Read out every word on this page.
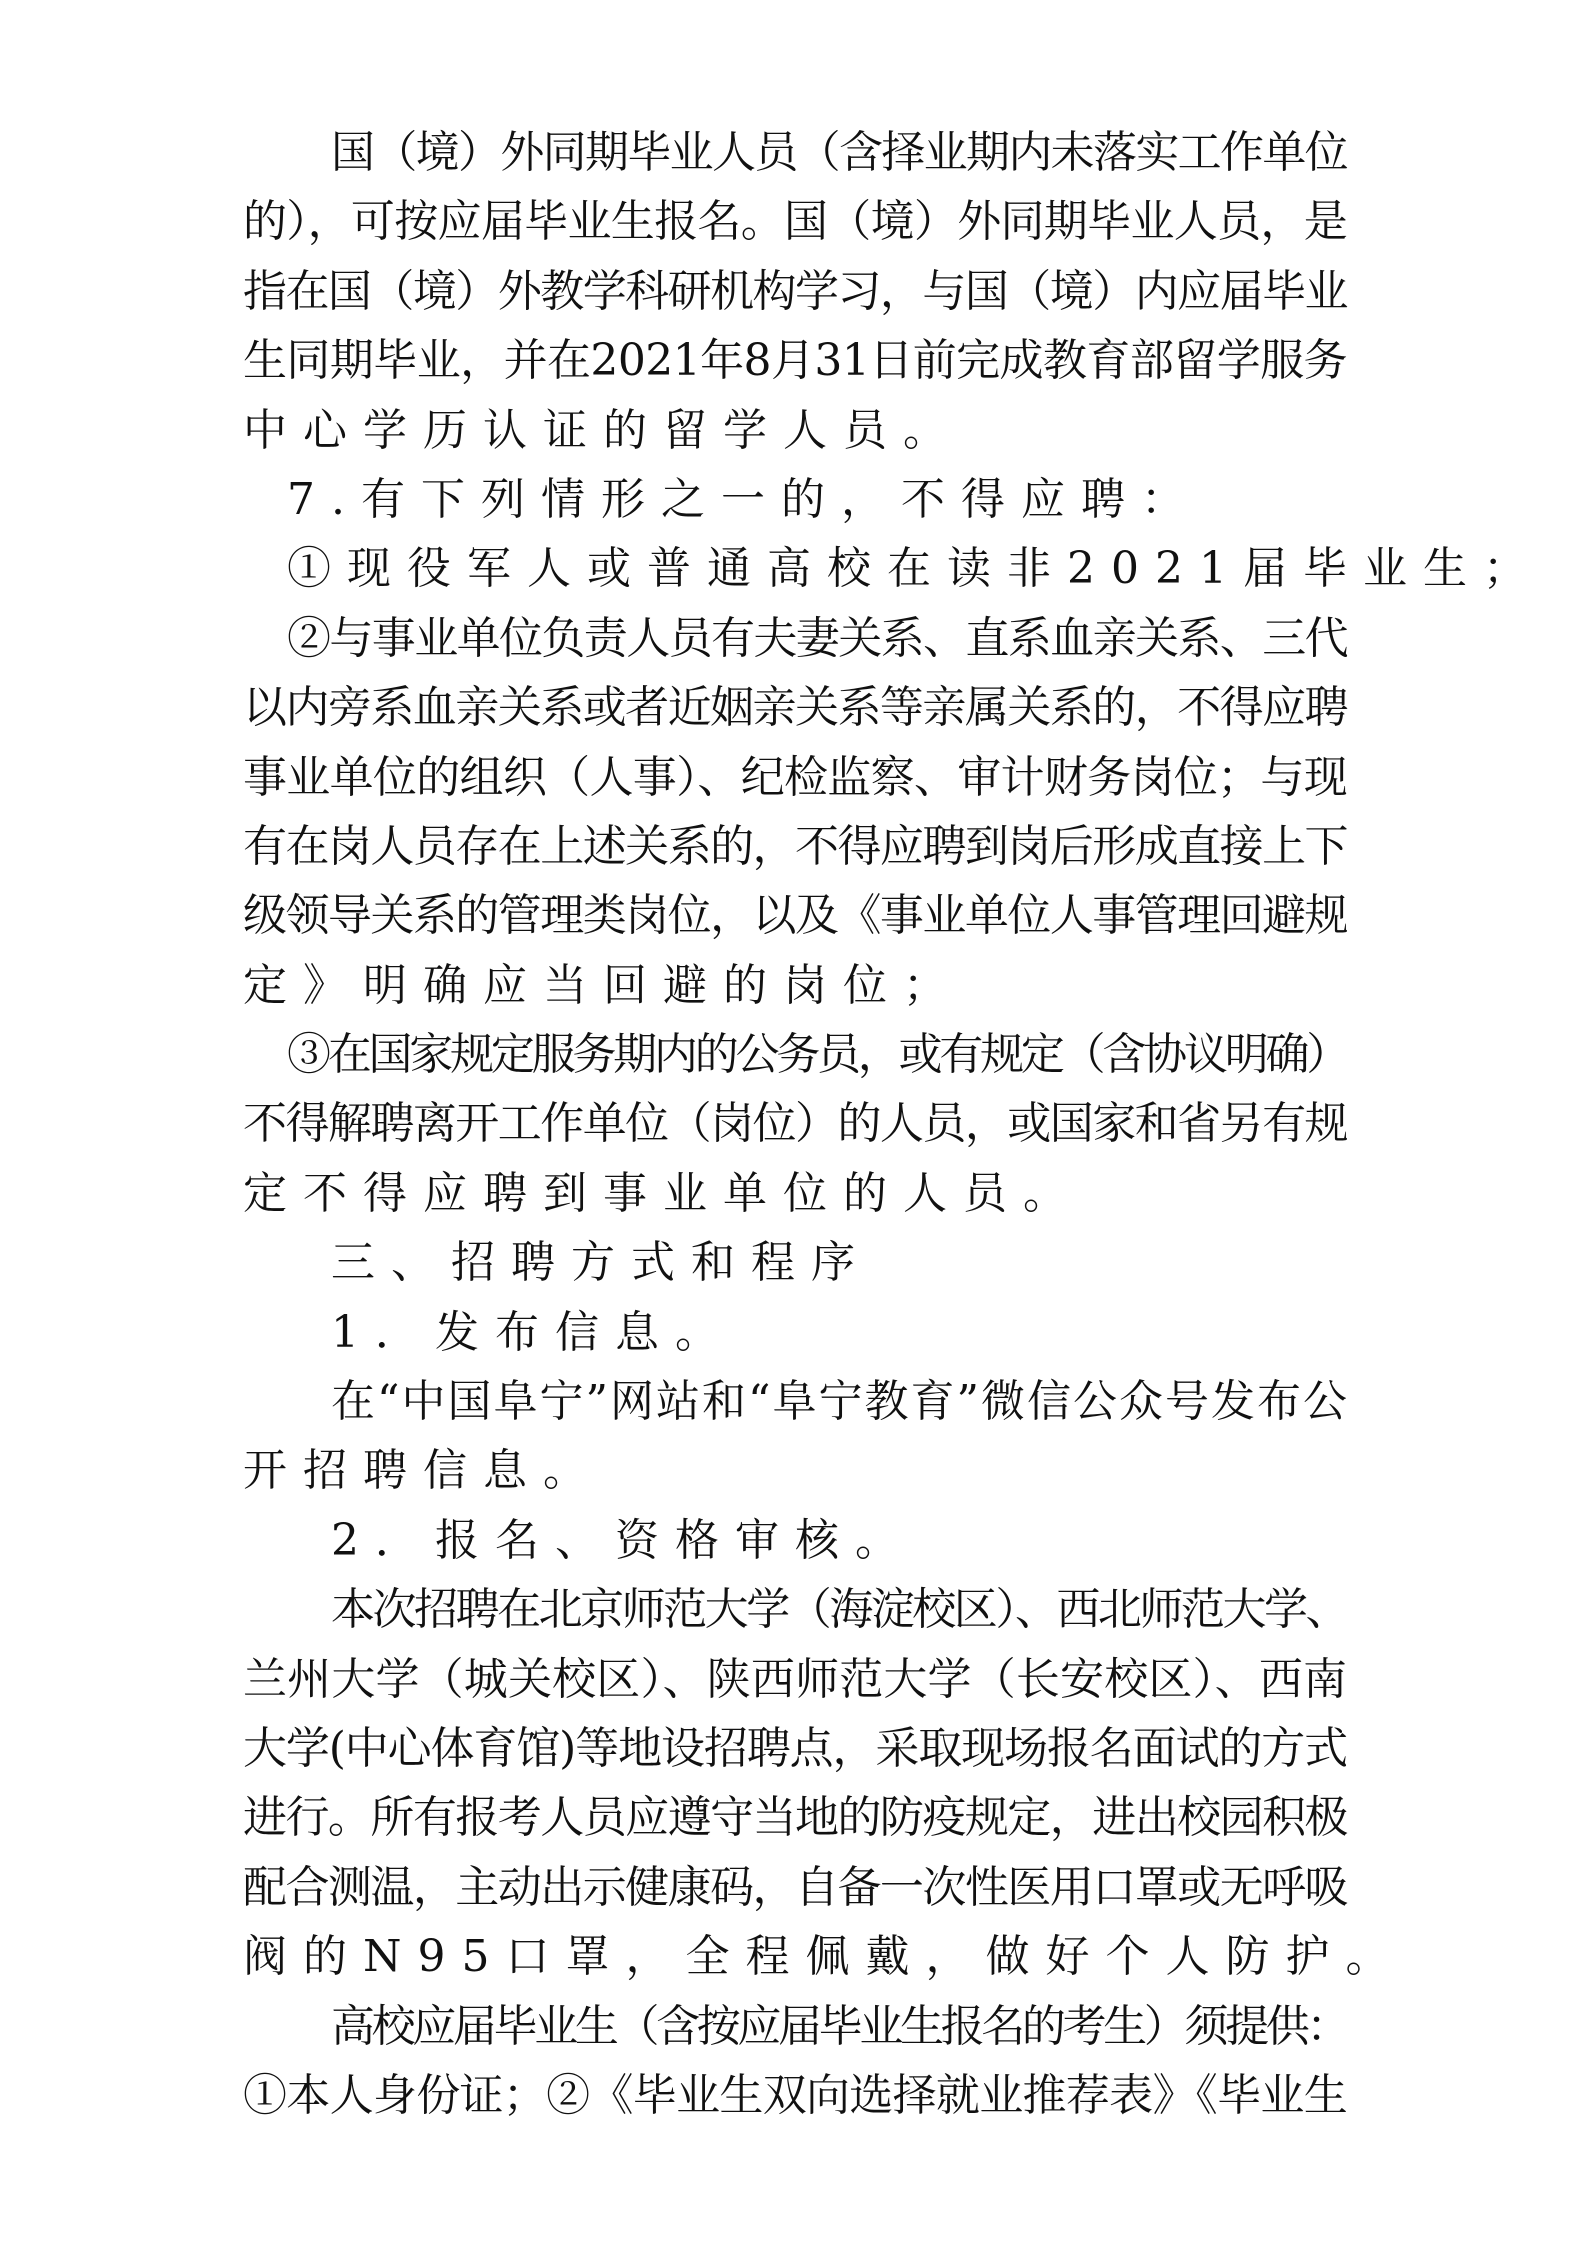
国（境）外同期毕业人员（含择业期内未落实工作单位
的），可按应届毕业生报名。国（境）外同期毕业人员，是
指在国（境）外教学科研机构学习，与国（境）内应届毕业
生同期毕业，并在2021年8月31日前完成教育部留学服务
中心学历认证的留学人员。
7.有下列情形之一的，不得应聘：
①现役军人或普通高校在读非2021届毕业生；
②与事业单位负责人员有夫妻关系、直系血亲关系、三代
以内旁系血亲关系或者近姻亲关系等亲属关系的，不得应聘
事业单位的组织（人事）、纪检监察、审计财务岗位；与现
有在岗人员存在上述关系的，不得应聘到岗后形成直接上下
级领导关系的管理类岗位，以及《事业单位人事管理回避规
定》明确应当回避的岗位；
③在国家规定服务期内的公务员，或有规定（含协议明确）
不得解聘离开工作单位（岗位）的人员，或国家和省另有规
定不得应聘到事业单位的人员。
三、招聘方式和程序
1．发布信息。
在“中国阜宁”网站和“阜宁教育”微信公众号发布公
开招聘信息。
2．报名、资格审核。
本次招聘在北京师范大学（海淀校区）、西北师范大学、
兰州大学（城关校区）、陕西师范大学（长安校区）、西南
大学(中心体育馆)等地设招聘点，采取现场报名面试的方式
进行。所有报考人员应遵守当地的防疫规定，进出校园积极
配合测温，主动出示健康码，自备一次性医用口罩或无呼吸
阀的N95口罩，全程佩戴，做好个人防护。
高校应届毕业生（含按应届毕业生报名的考生）须提供：
①本人身份证；②《毕业生双向选择就业推荐表》《毕业生
